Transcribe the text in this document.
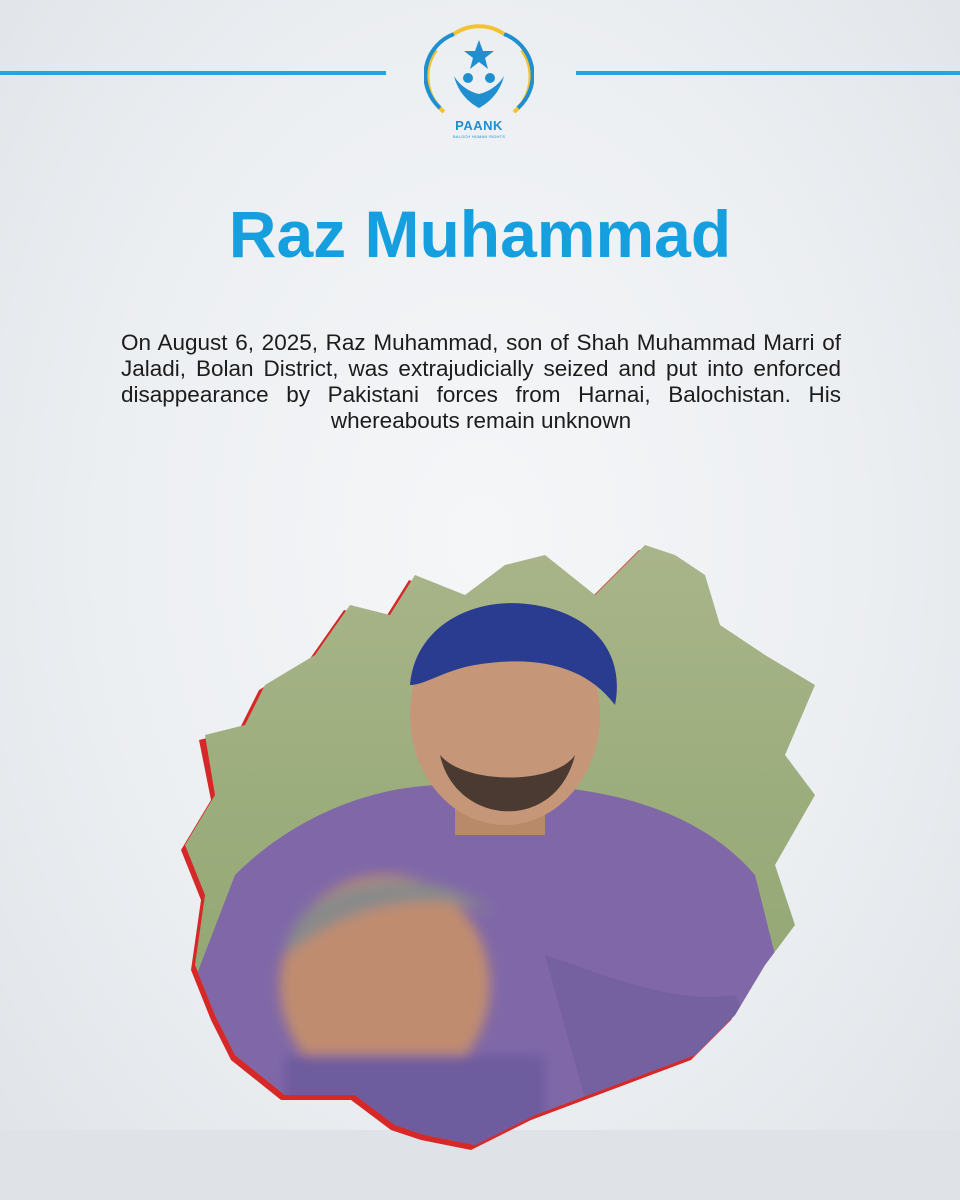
PAANK
BALOCH HUMAN RIGHTS
Raz Muhammad

On August 6, 2025, Raz Muhammad, son of Shah Muhammad Marri of Jaladi, Bolan District, was extrajudicially seized and put into enforced disappearance by Pakistani forces from Harnai, Balochistan. His whereabouts remain unknown
